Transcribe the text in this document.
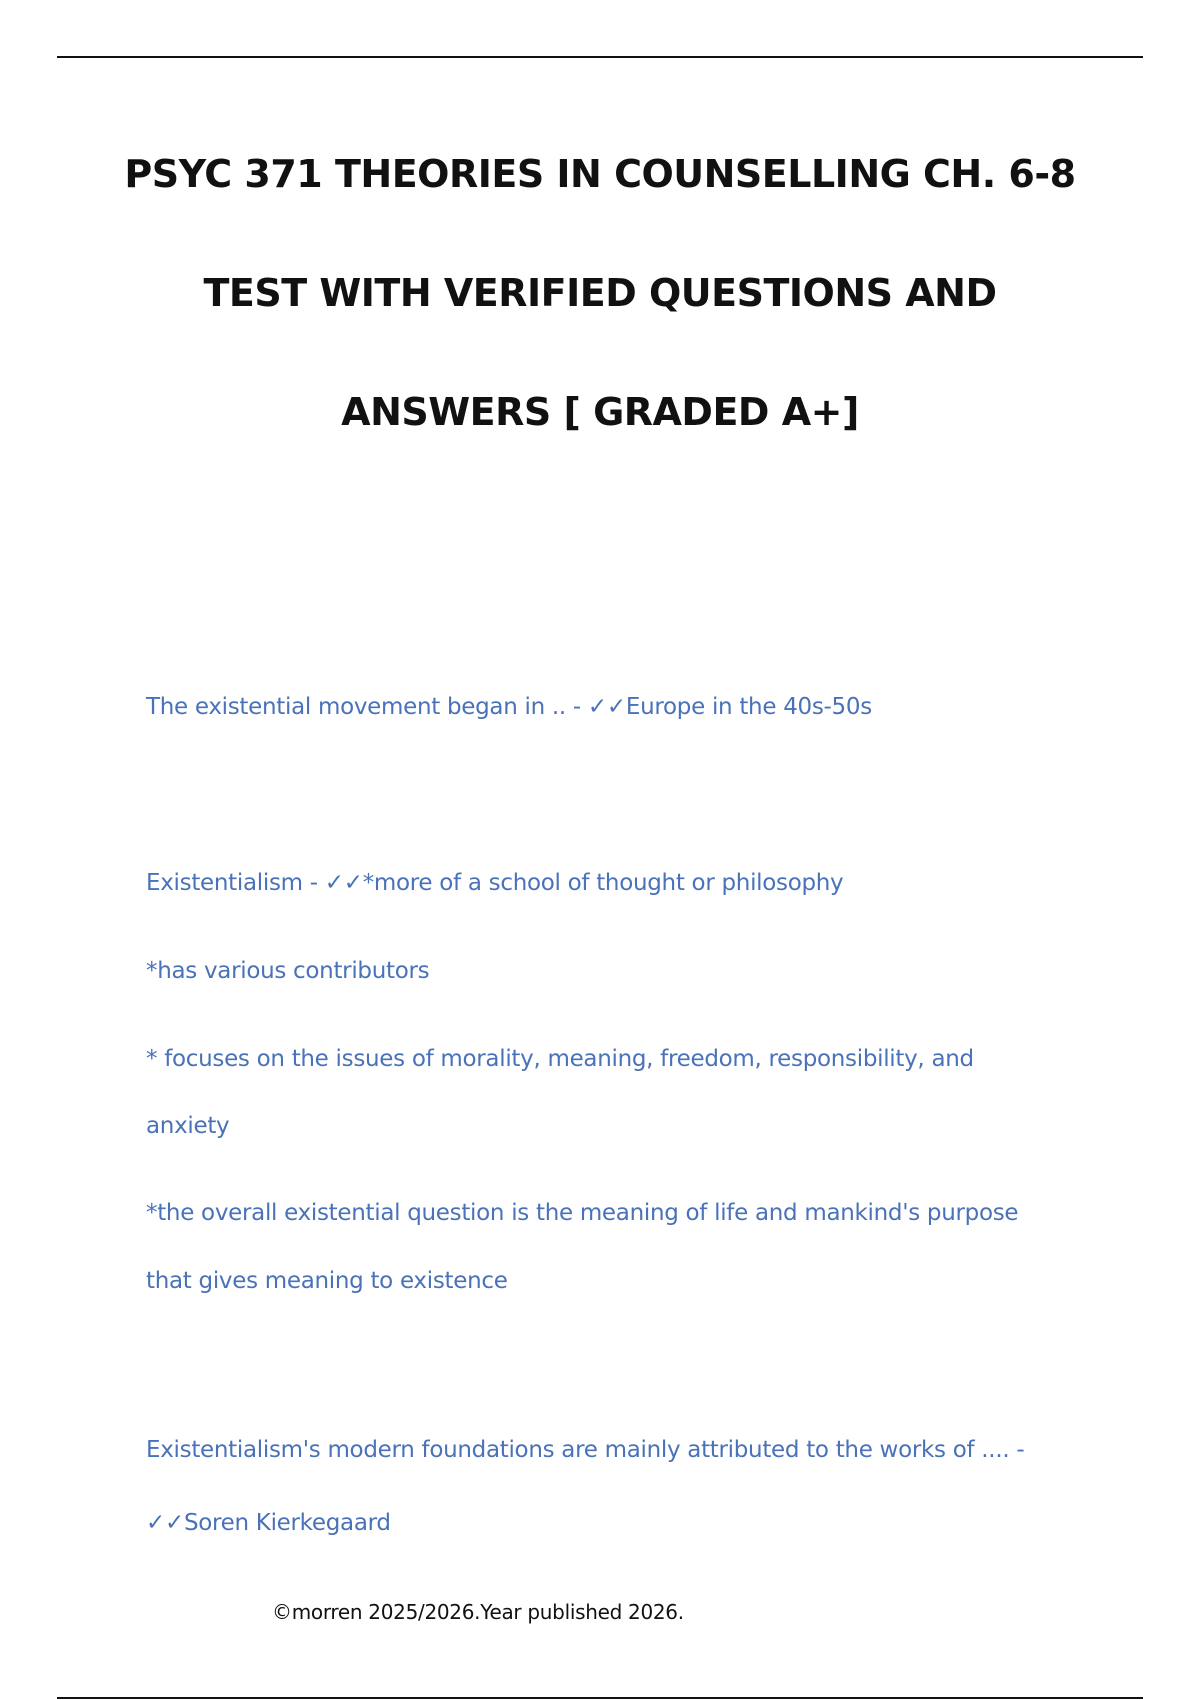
PSYC 371 THEORIES IN COUNSELLING CH. 6-8
TEST WITH VERIFIED QUESTIONS AND
ANSWERS [ GRADED A+]
The existential movement began in .. - ✓✓Europe in the 40s-50s
Existentialism - ✓✓*more of a school of thought or philosophy
*has various contributors
* focuses on the issues of morality, meaning, freedom, responsibility, and
anxiety
*the overall existential question is the meaning of life and mankind's purpose
that gives meaning to existence
Existentialism's modern foundations are mainly attributed to the works of .... -
✓✓Soren Kierkegaard
©morren 2025/2026.Year published 2026.
